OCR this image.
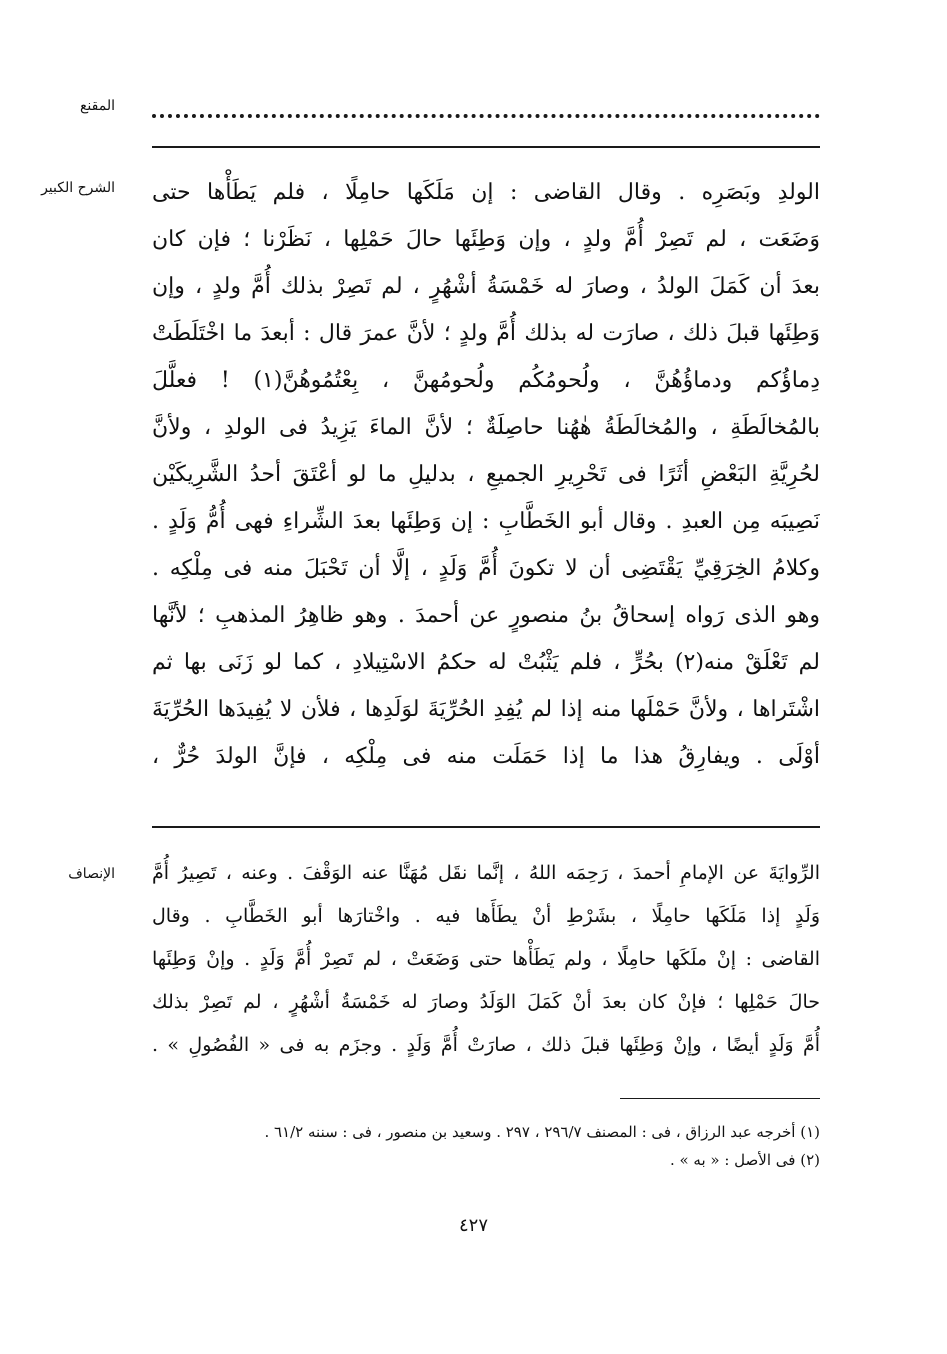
المقنع
الشرح الكبير الولدِ وبَصَرِه . وقال القاضى : إن مَلَكَها حامِلًا ، فلم يَطَأْها حتى
وَضَعَت ، لم تَصِرْ أُمَّ ولدٍ ، وإن وَطِئَها حالَ حَمْلِها ، نَظَرْنا ؛ فإن كان
بعدَ أن كَمَلَ الولدُ ، وصارَ له خَمْسَةُ أشْهُرٍ ، لم تَصِرْ بذلك أُمَّ ولدٍ ، وإن
وَطِئَها قبلَ ذلك ، صارَت له بذلك أُمَّ ولدٍ ؛ لأنَّ عمرَ قال : أبعدَ ما اخْتَلَطَتْ
دِماؤُكم ودماؤُهُنَّ ، ولُحومُكُم ولُحومُهنَّ ، بِعْتُمُوهُنَّ(١) ! فعلَّلَ
بالمُخالَطَةِ ، والمُخالَطَةُ هٰهُنا حاصِلَةٌ ؛ لأنَّ الماءَ يَزِيدُ فى الولدِ ، ولأنَّ
لحُرِيَّةِ البَعْضِ أثَرًا فى تَحْرِيرِ الجميعِ ، بدليلِ ما لو أعْتَقَ أحدُ الشَّرِيكَيْن
نَصِيبَه مِن العبدِ . وقال أبو الخَطَّابِ : إن وَطِئَها بعدَ الشِّراءِ فهى أُمُّ وَلَدٍ .
وكلامُ الخِرَقِيِّ يَقْتَضِى أن لا تكونَ أُمَّ وَلَدٍ ، إلَّا أن تَحْبَلَ منه فى مِلْكِه .
وهو الذى رَواه إسحاقُ بنُ منصورٍ عن أحمدَ . وهو ظاهِرُ المذهبِ ؛ لأنَّها
لم تَعْلَقْ منه(٢) بحُرٍّ ، فلم يَثْبُتْ له حكمُ الاسْتِيلادِ ، كما لو زَنَى بها ثم
اشْتَراها ، ولأنَّ حَمْلَها منه إذا لم يُفِدِ الحُرِّيَةَ لوَلَدِها ، فلأن لا يُفِيدَها الحُرِّيَةَ
أوْلَى . ويفارِقُ هذا ما إذا حَمَلَت منه فى مِلْكِه ، فإنَّ الولدَ حُرٌّ ،
الإنصاف الرِّوايَةَ عن الإمامِ أحمدَ ، رَحِمَه اللهُ ، إنَّما نقَل مُهَنَّا عنه الوَقْفَ . وعنه ، تَصِيرُ أُمَّ
وَلَدٍ إذا مَلَكَها حامِلًا ، بشَرْطِ أنْ يطَأَها فيه . واخْتارَها أبو الخَطَّابِ . وقال
القاضى : إنْ ملَكَها حامِلًا ، ولم يَطَأْها حتى وَضَعَتْ ، لم تَصِرْ أُمَّ وَلَدٍ . وإنْ وَطِئَها
حالَ حَمْلِها ؛ فإنْ كان بعدَ أنْ كَمَلَ الوَلَدُ وصارَ له خَمْسَةُ أشْهُرٍ ، لم تَصِرْ بذلك
أُمَّ وَلَدٍ أيضًا ، وإنْ وَطِئَها قبلَ ذلك ، صارَتْ أُمَّ وَلَدٍ . وجزَم به فى « الفُصُولِ » .
(١) أخرجه عبد الرزاق ، فى : المصنف ٢٩٦/٧ ، ٢٩٧ . وسعيد بن منصور ، فى : سننه ٦١/٢ .
(٢) فى الأصل : « به » .
٤٢٧
